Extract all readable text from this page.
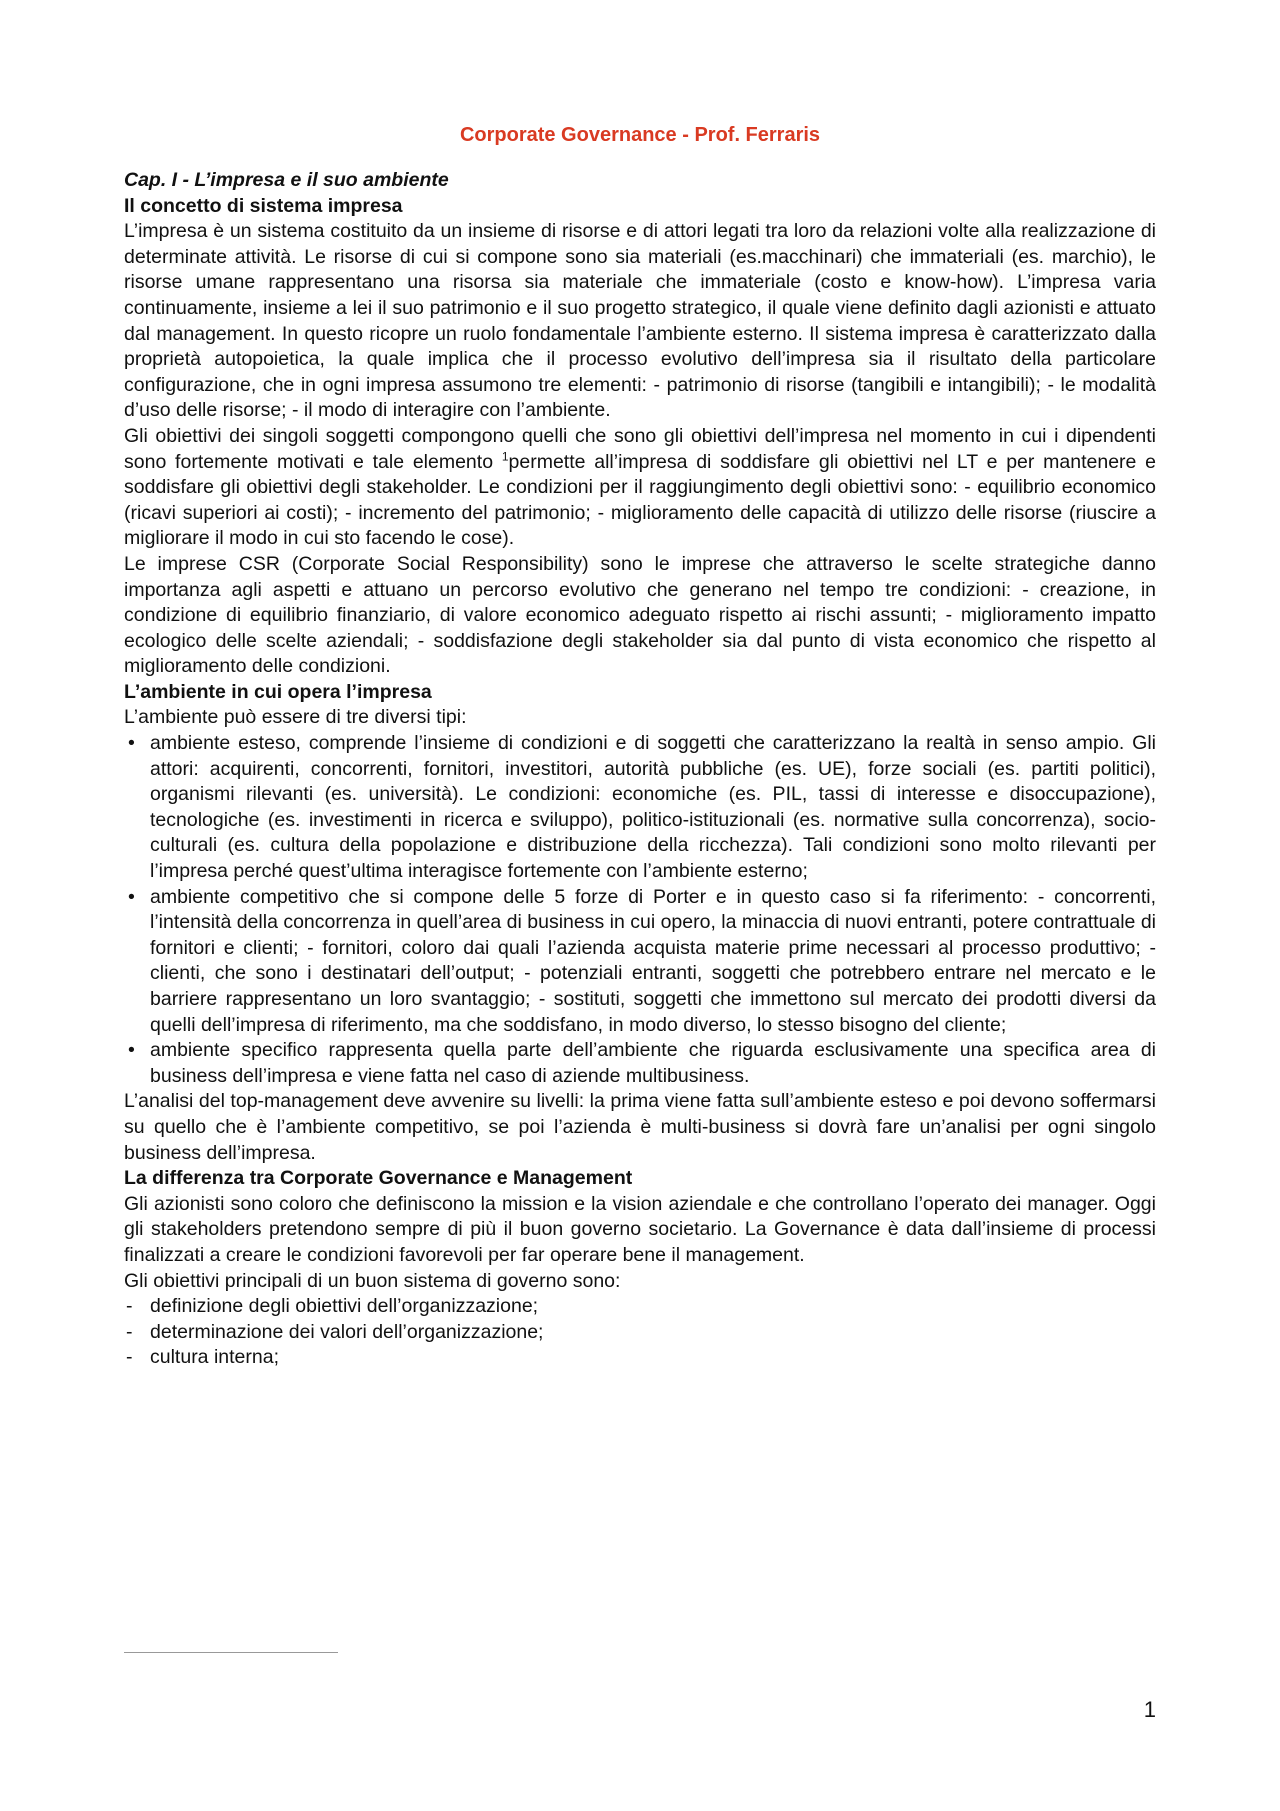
Corporate Governance - Prof. Ferraris
Cap. I - L’impresa e il suo ambiente
Il concetto di sistema impresa

L’impresa è un sistema costituito da un insieme di risorse e di attori legati tra loro da relazioni volte alla realizzazione di determinate attività. Le risorse di cui si compone sono sia materiali (es.macchinari) che immateriali (es. marchio), le risorse umane rappresentano una risorsa sia materiale che immateriale (costo e know-how). L’impresa varia continuamente, insieme a lei il suo patrimonio e il suo progetto strategico, il quale viene definito dagli azionisti e attuato dal management. In questo ricopre un ruolo fondamentale l’ambiente esterno. Il sistema impresa è caratterizzato dalla proprietà autopoietica, la quale implica che il processo evolutivo dell’impresa sia il risultato della particolare configurazione, che in ogni impresa assumono tre elementi: - patrimonio di risorse (tangibili e intangibili); - le modalità d’uso delle risorse; - il modo di interagire con l’ambiente.

Gli obiettivi dei singoli soggetti compongono quelli che sono gli obiettivi dell’impresa nel momento in cui i dipendenti sono fortemente motivati e tale elemento $^1$permette all’impresa di soddisfare gli obiettivi nel LT e per mantenere e soddisfare gli obiettivi degli stakeholder. Le condizioni per il raggiungimento degli obiettivi sono: - equilibrio economico (ricavi superiori ai costi); - incremento del patrimonio; - miglioramento delle capacità di utilizzo delle risorse (riuscire a migliorare il modo in cui sto facendo le cose).

Le imprese CSR (Corporate Social Responsibility) sono le imprese che attraverso le scelte strategiche danno importanza agli aspetti e attuano un percorso evolutivo che generano nel tempo tre condizioni: - creazione, in condizione di equilibrio finanziario, di valore economico adeguato rispetto ai rischi assunti; - miglioramento impatto ecologico delle scelte aziendali; - soddisfazione degli stakeholder sia dal punto di vista economico che rispetto al miglioramento delle condizioni.

L’ambiente in cui opera l’impresa

L’ambiente può essere di tre diversi tipi:

• ambiente esteso, comprende l’insieme di condizioni e di soggetti che caratterizzano la realtà in senso ampio. Gli attori: acquirenti, concorrenti, fornitori, investitori, autorità pubbliche (es. UE), forze sociali (es. partiti politici), organismi rilevanti (es. università). Le condizioni: economiche (es. PIL, tassi di interesse e disoccupazione), tecnologiche (es. investimenti in ricerca e sviluppo), politico-istituzionali (es. normative sulla concorrenza), socio-culturali (es. cultura della popolazione e distribuzione della ricchezza). Tali condizioni sono molto rilevanti per l’impresa perché quest’ultima interagisce fortemente con l’ambiente esterno;
• ambiente competitivo che si compone delle 5 forze di Porter e in questo caso si fa riferimento: - concorrenti, l’intensità della concorrenza in quell’area di business in cui opero, la minaccia di nuovi entranti, potere contrattuale di fornitori e clienti; - fornitori, coloro dai quali l’azienda acquista materie prime necessari al processo produttivo; - clienti, che sono i destinatari dell’output; - potenziali entranti, soggetti che potrebbero entrare nel mercato e le barriere rappresentano un loro svantaggio; - sostituti, soggetti che immettono sul mercato dei prodotti diversi da quelli dell’impresa di riferimento, ma che soddisfano, in modo diverso, lo stesso bisogno del cliente;
• ambiente specifico rappresenta quella parte dell’ambiente che riguarda esclusivamente una specifica area di business dell’impresa e viene fatta nel caso di aziende multibusiness.

L’analisi del top-management deve avvenire su livelli: la prima viene fatta sull’ambiente esteso e poi devono soffermarsi su quello che è l’ambiente competitivo, se poi l’azienda è multi-business si dovrà fare un’analisi per ogni singolo business dell’impresa.

La differenza tra Corporate Governance e Management

Gli azionisti sono coloro che definiscono la mission e la vision aziendale e che controllano l’operato dei manager. Oggi gli stakeholders pretendono sempre di più il buon governo societario. La Governance è data dall’insieme di processi finalizzati a creare le condizioni favorevoli per far operare bene il management.

Gli obiettivi principali di un buon sistema di governo sono:

- definizione degli obiettivi dell’organizzazione;
- determinazione dei valori dell’organizzazione;
- cultura interna;
1
